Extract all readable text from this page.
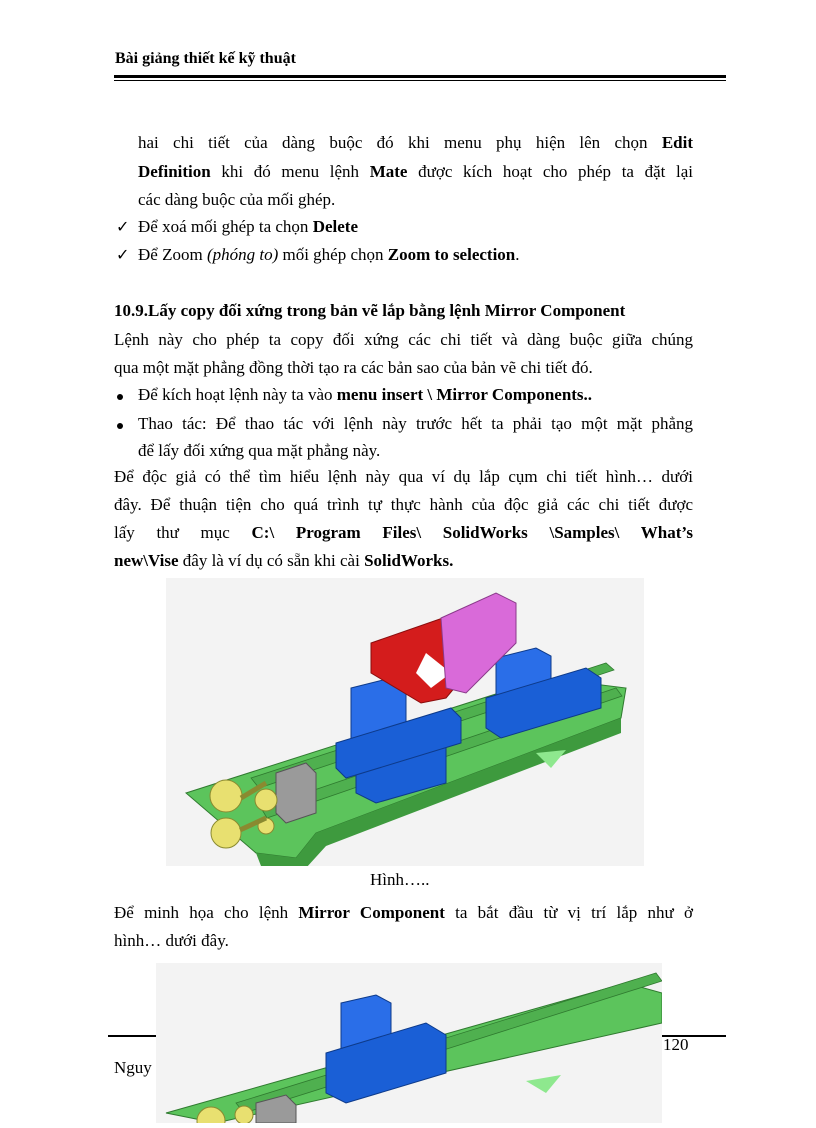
Bài giảng thiết kế kỹ thuật
hai chi tiết của dàng buộc đó khi menu phụ hiện lên chọn Edit
Definition khi đó menu lệnh Mate được kích hoạt cho phép ta đặt lại
các dàng buộc của mối ghép.
✓ Để xoá mối ghép ta chọn Delete
✓ Để Zoom (phóng to) mối ghép chọn Zoom to selection.
10.9.Lấy copy đối xứng trong bản vẽ lắp bằng lệnh Mirror Component
Lệnh này cho phép ta copy đối xứng các chi tiết và dàng buộc giữa chúng
qua một mặt phẳng đồng thời tạo ra các bản sao của bản vẽ chi tiết đó.
Để kích hoạt lệnh này ta vào menu insert \ Mirror Components..
Thao tác: Để thao tác với lệnh này trước hết ta phải tạo một mặt phẳng
để lấy đối xứng qua mặt phẳng này.
Để độc giả có thể tìm hiểu lệnh này qua ví dụ lắp cụm chi tiết hình… dưới
đây. Để thuận tiện cho quá trình tự thực hành của độc giả các chi tiết được
lấy thư mục C:\ Program Files\ SolidWorks \Samples\ What’s
new\Vise đây là ví dụ có sẵn khi cài SolidWorks.
Hình…..
Để minh họa cho lệnh Mirror Component ta bắt đầu từ vị trí lắp như ở
hình… dưới đây.
120
Nguy
